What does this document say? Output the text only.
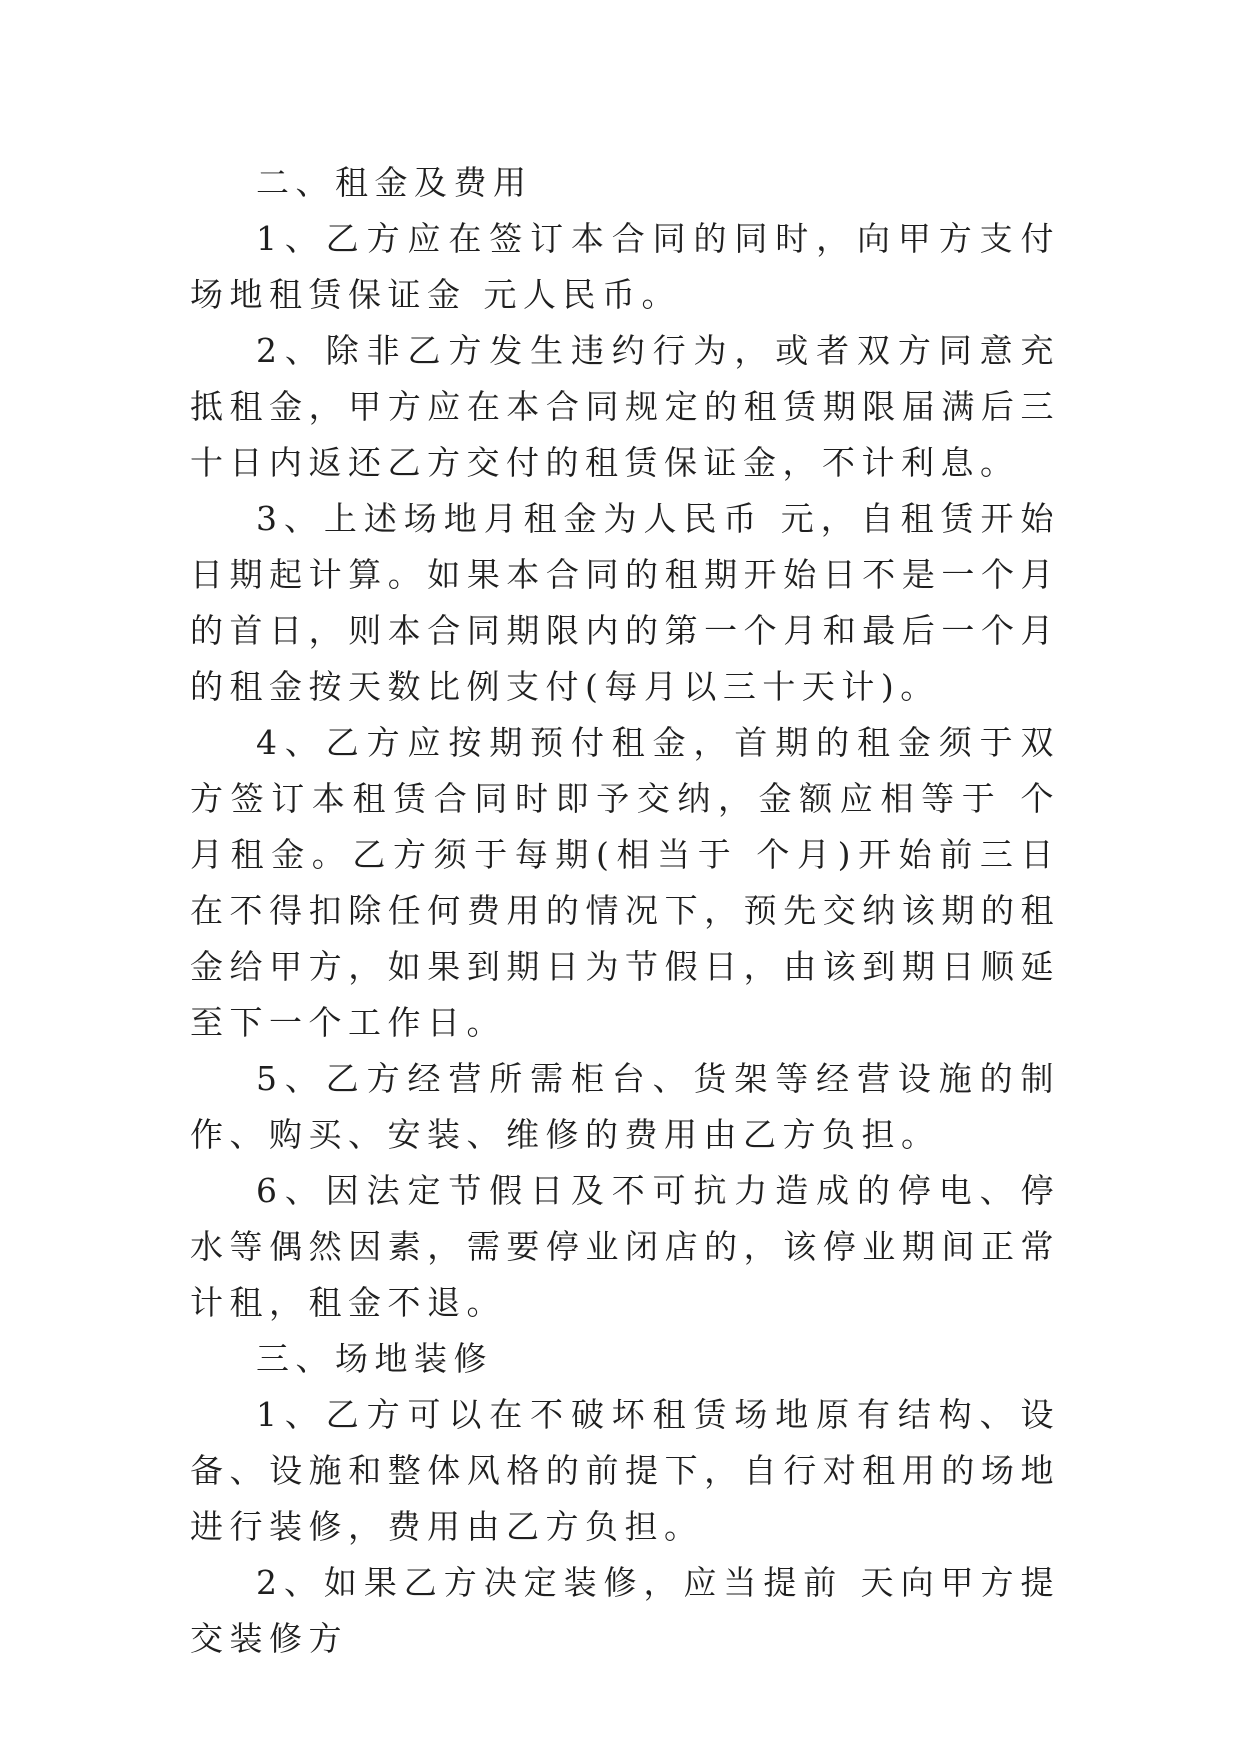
二、租金及费用

1、乙方应在签订本合同的同时，向甲方支付场地租赁保证金 元人民币。

2、除非乙方发生违约行为，或者双方同意充抵租金，甲方应在本合同规定的租赁期限届满后三十日内返还乙方交付的租赁保证金，不计利息。

3、上述场地月租金为人民币 元，自租赁开始日期起计算。如果本合同的租期开始日不是一个月的首日，则本合同期限内的第一个月和最后一个月的租金按天数比例支付(每月以三十天计)。

4、乙方应按期预付租金，首期的租金须于双方签订本租赁合同时即予交纳，金额应相等于 个月租金。乙方须于每期(相当于 个月)开始前三日在不得扣除任何费用的情况下，预先交纳该期的租金给甲方，如果到期日为节假日，由该到期日顺延至下一个工作日。

5、乙方经营所需柜台、货架等经营设施的制作、购买、安装、维修的费用由乙方负担。

6、因法定节假日及不可抗力造成的停电、停水等偶然因素，需要停业闭店的，该停业期间正常计租，租金不退。

三、场地装修

1、乙方可以在不破坏租赁场地原有结构、设备、设施和整体风格的前提下，自行对租用的场地进行装修，费用由乙方负担。

2、如果乙方决定装修，应当提前 天向甲方提交装修方
